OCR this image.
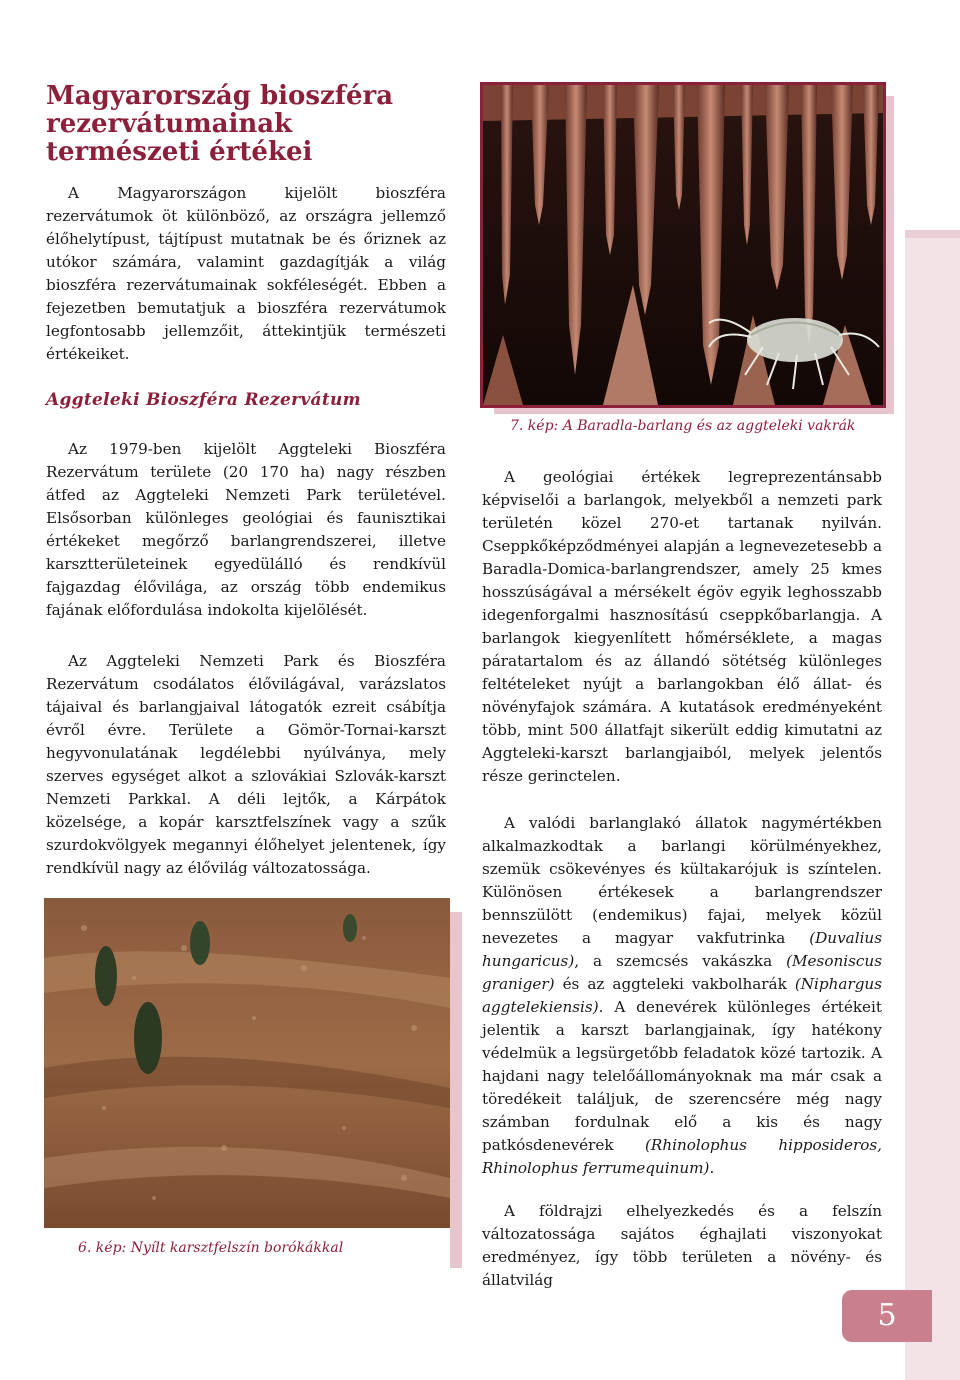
Magyarország bioszféra
rezervátumainak
természeti értékei

A Magyarországon kijelölt bioszféra rezervátumok öt különböző, az országra jellemző élőhelytípust, tájtípust mutatnak be és őriznek az utókor számára, valamint gazdagítják a világ bioszféra rezervátumainak sokféleségét. Ebben a fejezetben bemutatjuk a bioszféra rezervátumok legfontosabb jellemzőit, áttekintjük természeti értékeiket.

Aggteleki Bioszféra Rezervátum

Az 1979-ben kijelölt Aggteleki Bioszféra Rezervátum területe (20 170 ha) nagy részben átfed az Aggteleki Nemzeti Park területével. Elsősorban különleges geológiai és faunisztikai értékeket megőrző barlangrendszerei, illetve karsztterületeinek egyedülálló és rendkívül fajgazdag élővilága, az ország több endemikus fajának előfordulása indokolta kijelölését.

Az Aggteleki Nemzeti Park és Bioszféra Rezervátum csodálatos élővilágával, varázslatos tájaival és barlangjaival látogatók ezreit csábítja évről évre. Területe a Gömör-Tornai-karszt hegyvonulatának legdélebbi nyúlványa, mely szerves egységet alkot a szlovákiai Szlovák-karszt Nemzeti Parkkal. A déli lejtők, a Kárpátok közelsége, a kopár karsztfelszínek vagy a szűk szurdokvölgyek megannyi élőhelyet jelentenek, így rendkívül nagy az élővilág változatossága.

7. kép: A Baradla-barlang és az aggteleki vakrák

6. kép: Nyílt karsztfelszín borókákkal

A geológiai értékek legreprezentánsabb képviselői a barlangok, melyekből a nemzeti park területén közel 270-et tartanak nyilván. Cseppkőképződményei alapján a legnevezetesebb a Baradla-Domica-barlangrendszer, amely 25 kmes hosszúságával a mérsékelt égöv egyik leghosszabb idegenforgalmi hasznosítású cseppkőbarlangja. A barlangok kiegyenlített hőmérséklete, a magas páratartalom és az állandó sötétség különleges feltételeket nyújt a barlangokban élő állat- és növényfajok számára. A kutatások eredményeként több, mint 500 állatfajt sikerült eddig kimutatni az Aggteleki-karszt barlangjaiból, melyek jelentős része gerinctelen.

A valódi barlanglakó állatok nagymértékben alkalmazkodtak a barlangi körülményekhez, szemük csökevényes és kültakarójuk is színtelen. Különösen értékesek a barlangrendszer bennszülött (endemikus) fajai, melyek közül nevezetes a magyar vakfutrinka (Duvalius hungaricus), a szemcsés vakászka (Mesoniscus graniger) és az aggteleki vakbolharák (Niphargus aggtelekiensis). A denevérek különleges értékeit jelentik a karszt barlangjainak, így hatékony védelmük a legsürgetőbb feladatok közé tartozik. A hajdani nagy telelőállományoknak ma már csak a töredékeit találjuk, de szerencsére még nagy számban fordulnak elő a kis és nagy patkósdenevérek (Rhinolophus hipposideros, Rhinolophus ferrumequinum).

A földrajzi elhelyezkedés és a felszín változatossága sajátos éghajlati viszonyokat eredményez, így több területen a növény- és állatvilág

5
